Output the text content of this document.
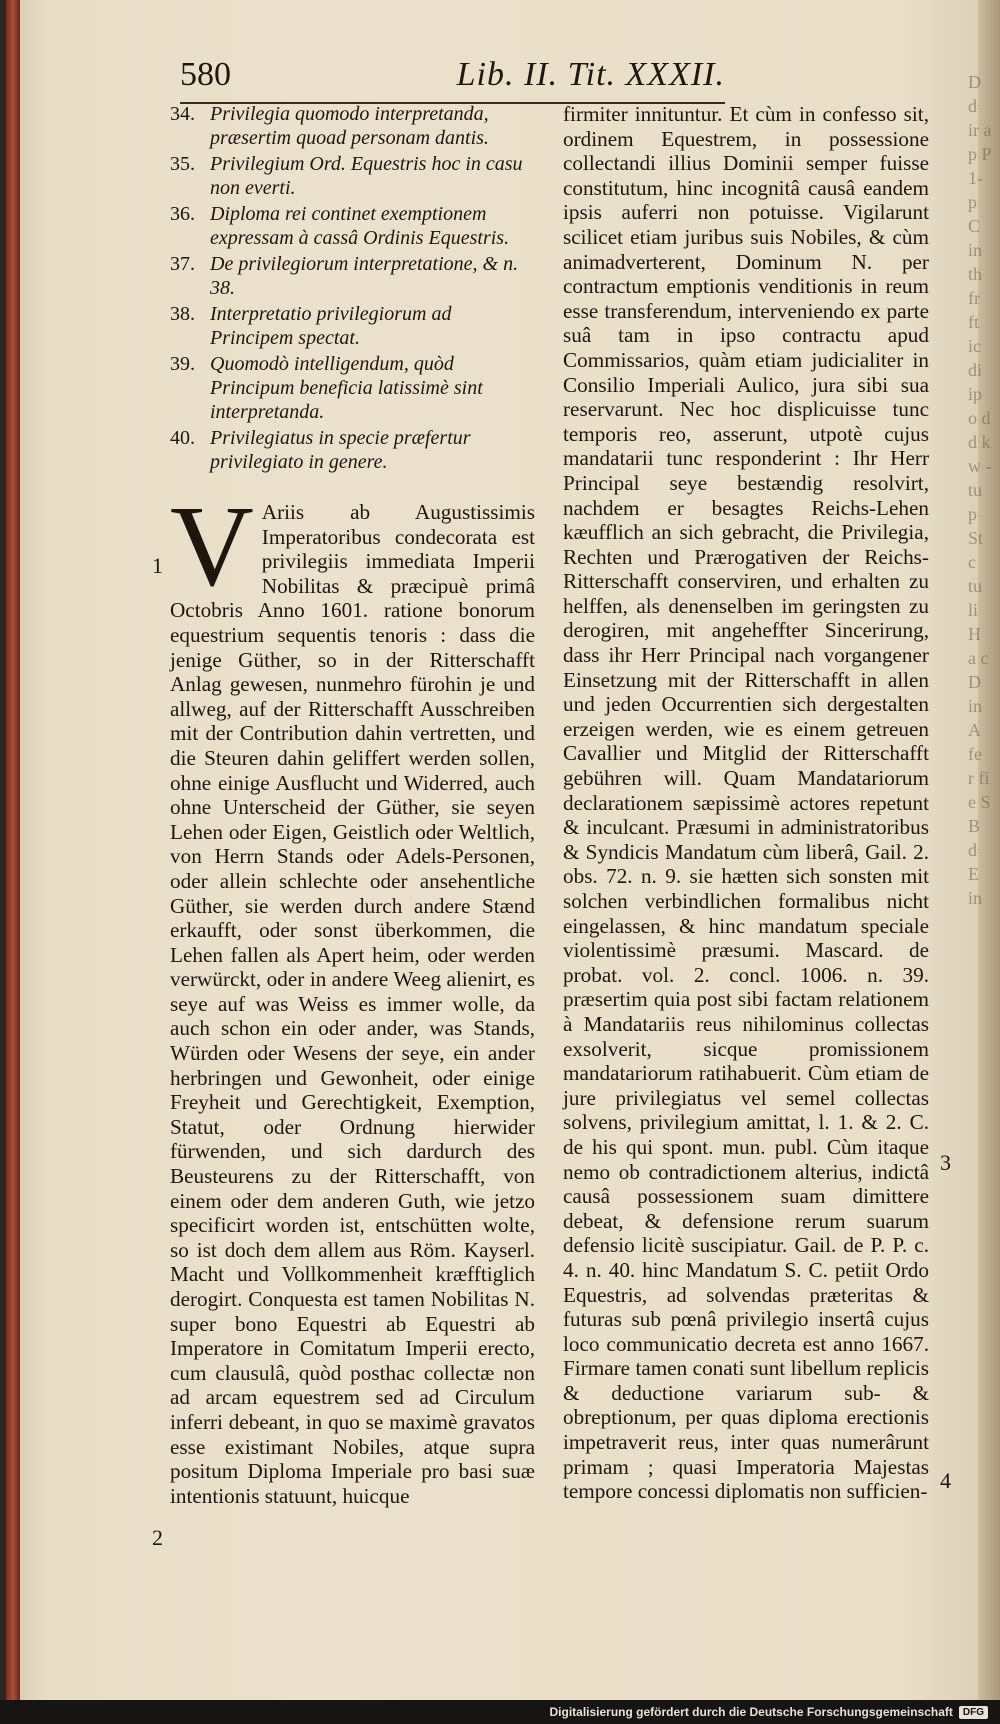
580	Lib. II. Tit. XXXII.
34. Privilegia quomodo interpretanda, præsertim quoad personam dantis.
35. Privilegium Ord. Equestris hoc in casu non everti.
36. Diploma rei continet exemptionem expressam à cassâ Ordinis Equestris.
37. De privilegiorum interpretatione, & n. 38.
38. Interpretatio privilegiorum ad Principem spectat.
39. Quomodò intelligendum, quòd Principum beneficia latissimè sint interpretanda.
40. Privilegiatus in specie præfertur privilegiato in genere.
V Ariis ab Augustissimis Imperatoribus condecorata est privilegiis immediata Imperii Nobilitas & præcipuè primâ Octobris Anno 1601. ratione bonorum equestrium sequentis tenoris : dass die jenige Güther, so in der Ritterschafft Anlag gewesen, nunmehro fürohin je und allweg, auf der Ritterschafft Ausschreiben mit der Contribution dahin vertretten, und die Steuren dahin geliffert werden sollen, ohne einige Ausflucht und Widerred, auch ohne Unterscheid der Güther, sie seyen Lehen oder Eigen, Geistlich oder Weltlich, von Herrn Stands oder Adels-Personen, oder allein schlechte oder ansehentliche Güther, sie werden durch andere Stænd erkaufft, oder sonst überkommen, die Lehen fallen als Apert heim, oder werden verwürckt, oder in andere Weeg alienirt, es seye auf was Weiss es immer wolle, da auch schon ein oder ander, was Stands, Würden oder Wesens der seye, ein ander herbringen und Gewonheit, oder einige Freyheit und Gerechtigkeit, Exemption, Statut, oder Ordnung hierwider fürwenden, und sich dardurch des Beusteurens zu der Ritterschafft, von einem oder dem anderen Guth, wie jetzo specificirt worden ist, entschütten wolte, so ist doch dem allem aus Röm. Kayserl. Macht und Vollkommenheit kræfftiglich derogirt. Conquesta est tamen Nobilitas N. super bono Equestri ab Equestri ab Imperatore in Comitatum Imperii erecto, cum clausulâ, quòd posthac collectæ non ad arcam equestrem sed ad Circulum inferri debeant, in quo se maximè gravatos esse existimant Nobiles, atque supra positum Diploma Imperiale pro basi suæ intentionis statuunt, huicque
firmiter innituntur. Et cùm in confesso sit, ordinem Equestrem, in possessione collectandi illius Dominii semper fuisse constitutum, hinc incognitâ causâ eandem ipsis auferri non potuisse. Vigilarunt scilicet etiam juribus suis Nobiles, & cùm animadverterent, Dominum N. per contractum emptionis venditionis in reum esse transferendum, interveniendo ex parte suâ tam in ipso contractu apud Commissarios, quàm etiam judicialiter in Consilio Imperiali Aulico, jura sibi sua reservarunt. Nec hoc displicuisse tunc temporis reo, asserunt, utpotè cujus mandatarii tunc responderint : Ihr Herr Principal seye bestændig resolvirt, nachdem er besagtes Reichs-Lehen kæufflich an sich gebracht, die Privilegia, Rechten und Prærogativen der Reichs-Ritterschafft conserviren, und erhalten zu helffen, als denenselben im geringsten zu derogiren, mit angeheffter Sincerirung, dass ihr Herr Principal nach vorgangener Einsetzung mit der Ritterschafft in allen und jeden Occurrentien sich dergestalten erzeigen werden, wie es einem getreuen Cavallier und Mitglid der Ritterschafft gebühren will. Quam Mandatariorum declarationem sæpissimè actores repetunt & inculcant. Præsumi in administratoribus & Syndicis Mandatum cùm liberâ, Gail. 2. obs. 72. n. 9. sie hætten sich sonsten mit solchen verbindlichen formalibus nicht eingelassen, & hinc mandatum speciale violentissimè præsumi. Mascard. de probat. vol. 2. concl. 1006. n. 39. præsertim quia post sibi factam relationem à Mandatariis reus nihilominus collectas exsolverit, sicque promissionem mandatariorum ratihabuerit. Cùm etiam de jure privilegiatus vel semel collectas solvens, privilegium amittat, l. 1. & 2. C. de his qui spont. mun. publ. Cùm itaque nemo ob contradictionem alterius, indictâ causâ possessionem suam dimittere debeat, & defensione rerum suarum defensio licitè suscipiatur. Gail. de P. P. c. 4. n. 40. hinc Mandatum S. C. petiit Ordo Equestris, ad solvendas præteritas & futuras sub pœnâ privilegio insertâ cujus loco communicatio decreta est anno 1667. Firmare tamen conati sunt libellum replicis & deductione variarum sub- & obreptionum, per quas diploma erectionis impetraverit reus, inter quas numerârunt primam ; quasi Imperatoria Majestas tempore concessi diplomatis non sufficien-
1
2
3
4
D d ir a p P 1- p C in th fr ft ic di ip o d d k w - tu p St c tu li H a c D in A fe r fi e S B d E in
Digitalisierung gefördert durch die Deutsche Forschungsgemeinschaft	DFG
